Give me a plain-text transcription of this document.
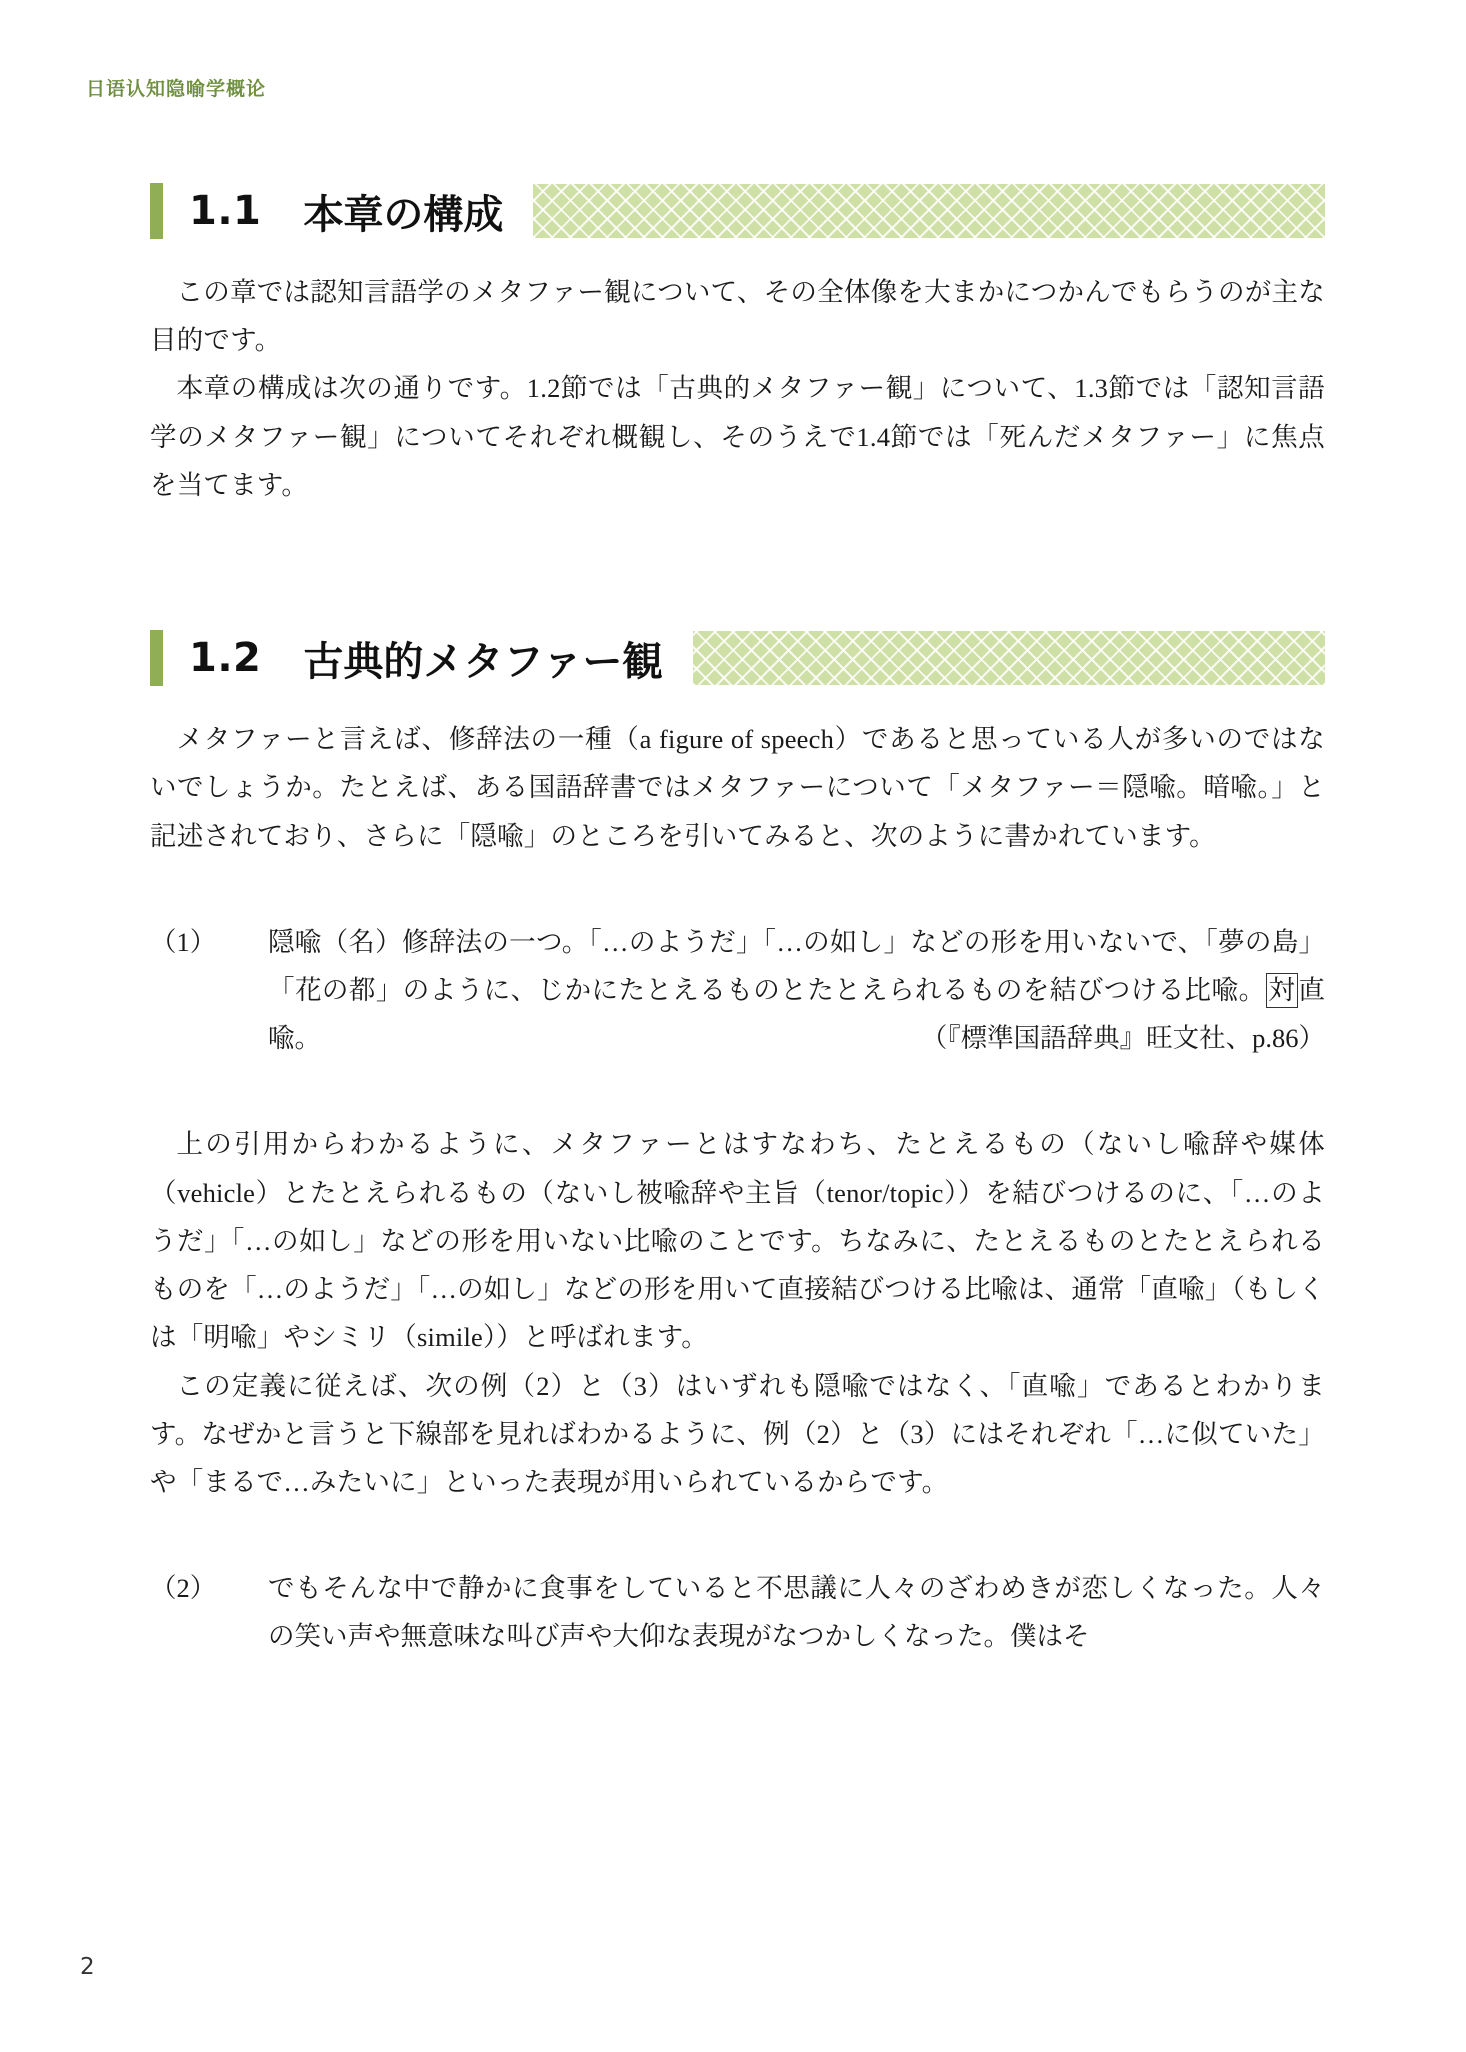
日语认知隐喻学概论
1.1 本章の構成

この章では認知言語学のメタファー観について、その全体像を大まかにつかんでもらうのが主な目的です。

本章の構成は次の通りです。1.2節では「古典的メタファー観」について、1.3節では「認知言語学のメタファー観」についてそれぞれ概観し、そのうえで1.4節では「死んだメタファー」に焦点を当てます。

1.2 古典的メタファー観

メタファーと言えば、修辞法の一種（a figure of speech）であると思っている人が多いのではないでしょうか。たとえば、ある国語辞書ではメタファーについて「メタファー＝隠喩。暗喩。」と記述されており、さらに「隠喩」のところを引いてみると、次のように書かれています。

（1）	隠喩（名）修辞法の一つ。「…のようだ」「…の如し」などの形を用いないで、「夢の島」「花の都」のように、じかにたとえるものとたとえられるものを結びつける比喩。 対 直喩。	（『標準国語辞典』旺文社、p.86）

上の引用からわかるように、メタファーとはすなわち、たとえるもの（ないし喩辞や媒体（vehicle）とたとえられるもの（ないし被喩辞や主旨（tenor/topic））を結びつけるのに、「…のようだ」「…の如し」などの形を用いない比喩のことです。ちなみに、たとえるものとたとえられるものを「…のようだ」「…の如し」などの形を用いて直接結びつける比喩は、通常「直喩」（もしくは「明喩」やシミリ（simile））と呼ばれます。

この定義に従えば、次の例（2）と（3）はいずれも隠喩ではなく、「直喩」であるとわかります。なぜかと言うと下線部を見ればわかるように、例（2）と（3）にはそれぞれ「…に似ていた」や「まるで…みたいに」といった表現が用いられているからです。

（2）	でもそんな中で静かに食事をしていると不思議に人々のざわめきが恋しくなった。人々の笑い声や無意味な叫び声や大仰な表現がなつかしくなった。僕はそ
2
